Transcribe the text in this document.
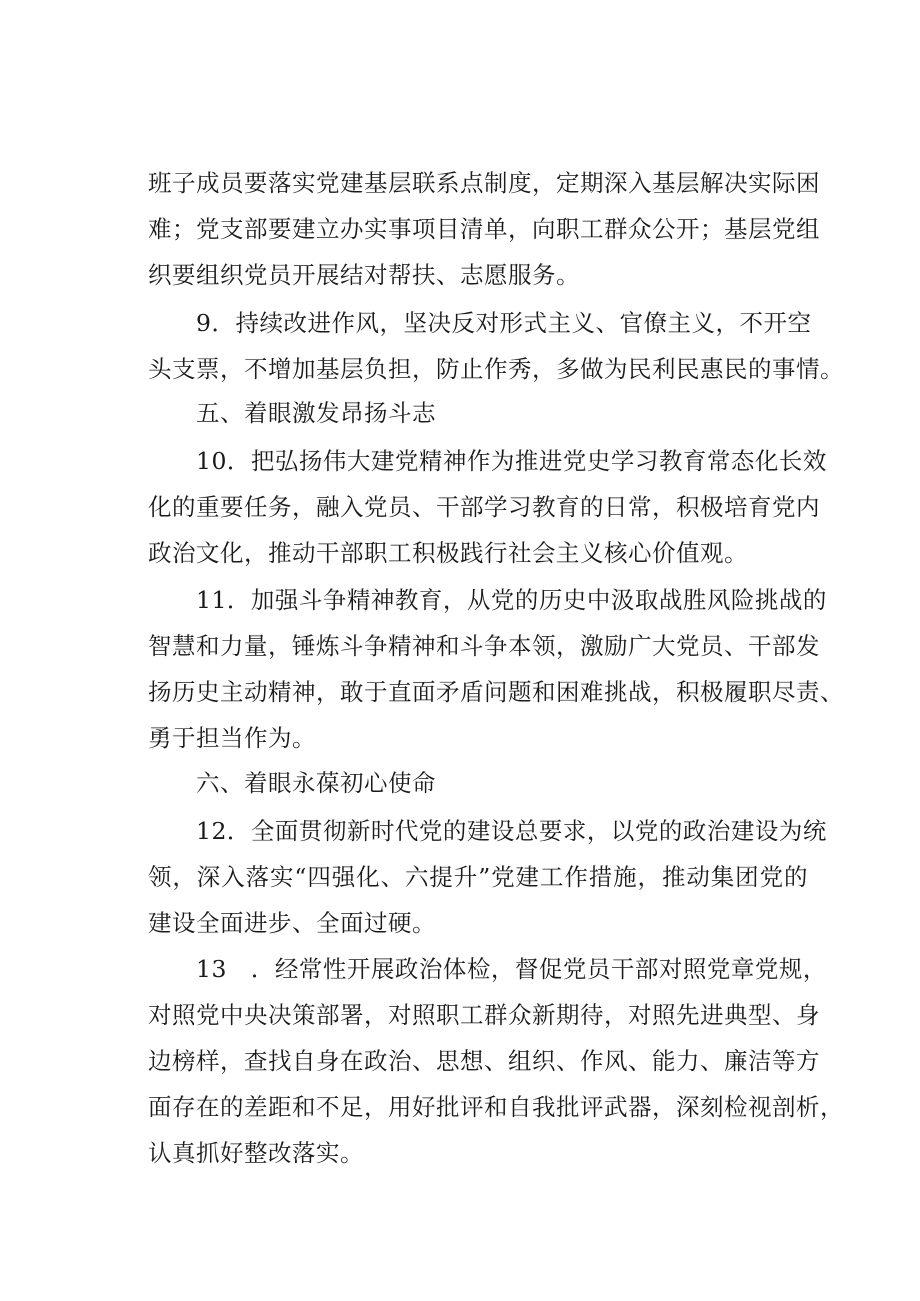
班子成员要落实党建基层联系点制度，定期深入基层解决实际困
难；党支部要建立办实事项目清单，向职工群众公开；基层党组
织要组织党员开展结对帮扶、志愿服务。
9．持续改进作风，坚决反对形式主义、官僚主义，不开空
头支票，不增加基层负担，防止作秀，多做为民利民惠民的事情。
五、着眼激发昂扬斗志
10．把弘扬伟大建党精神作为推进党史学习教育常态化长效
化的重要任务，融入党员、干部学习教育的日常，积极培育党内
政治文化，推动干部职工积极践行社会主义核心价值观。
11．加强斗争精神教育，从党的历史中汲取战胜风险挑战的
智慧和力量，锤炼斗争精神和斗争本领，激励广大党员、干部发
扬历史主动精神，敢于直面矛盾问题和困难挑战，积极履职尽责、
勇于担当作为。
六、着眼永葆初心使命
12．全面贯彻新时代党的建设总要求，以党的政治建设为统
领，深入落实“四强化、六提升”党建工作措施，推动集团党的
建设全面进步、全面过硬。
13　．经常性开展政治体检，督促党员干部对照党章党规，
对照党中央决策部署，对照职工群众新期待，对照先进典型、身
边榜样，查找自身在政治、思想、组织、作风、能力、廉洁等方
面存在的差距和不足，用好批评和自我批评武器，深刻检视剖析，
认真抓好整改落实。
